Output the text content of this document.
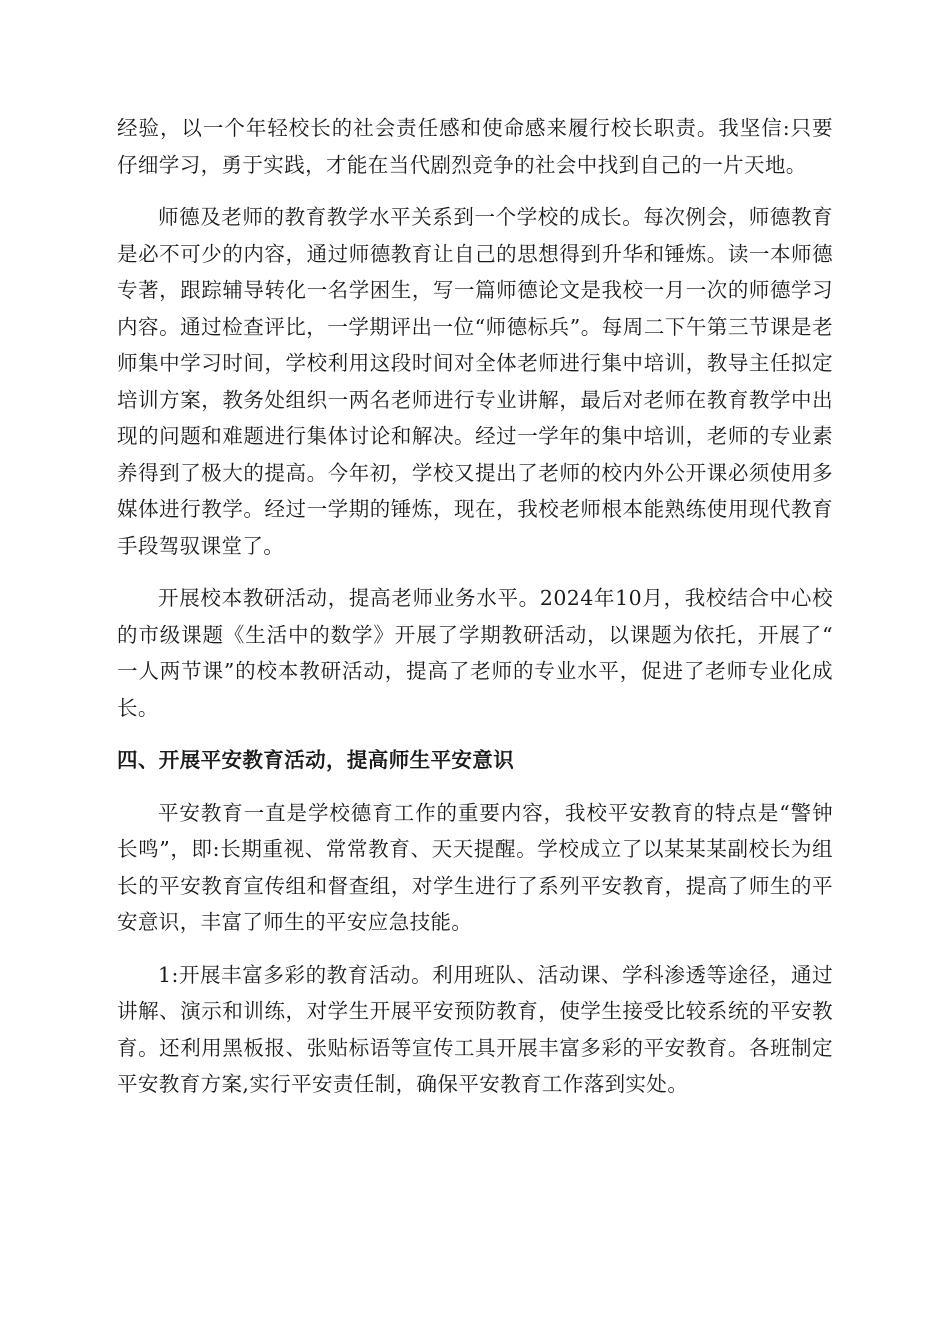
经验，以一个年轻校长的社会责任感和使命感来履行校长职责。我坚信:只要仔细学习，勇于实践，才能在当代剧烈竞争的社会中找到自己的一片天地。

师德及老师的教育教学水平关系到一个学校的成长。每次例会，师德教育是必不可少的内容，通过师德教育让自己的思想得到升华和锤炼。读一本师德专著，跟踪辅导转化一名学困生，写一篇师德论文是我校一月一次的师德学习内容。通过检查评比，一学期评出一位“师德标兵”。每周二下午第三节课是老师集中学习时间，学校利用这段时间对全体老师进行集中培训，教导主任拟定培训方案，教务处组织一两名老师进行专业讲解，最后对老师在教育教学中出现的问题和难题进行集体讨论和解决。经过一学年的集中培训，老师的专业素养得到了极大的提高。今年初，学校又提出了老师的校内外公开课必须使用多媒体进行教学。经过一学期的锤炼，现在，我校老师根本能熟练使用现代教育手段驾驭课堂了。

开展校本教研活动，提高老师业务水平。2024年10月，我校结合中心校的市级课题《生活中的数学》开展了学期教研活动，以课题为依托，开展了“一人两节课”的校本教研活动，提高了老师的专业水平，促进了老师专业化成长。

四、开展平安教育活动，提高师生平安意识

平安教育一直是学校德育工作的重要内容，我校平安教育的特点是“警钟长鸣”，即:长期重视、常常教育、天天提醒。学校成立了以某某某副校长为组长的平安教育宣传组和督查组，对学生进行了系列平安教育，提高了师生的平安意识，丰富了师生的平安应急技能。

1:开展丰富多彩的教育活动。利用班队、活动课、学科渗透等途径，通过讲解、演示和训练，对学生开展平安预防教育，使学生接受比较系统的平安教育。还利用黑板报、张贴标语等宣传工具开展丰富多彩的平安教育。各班制定平安教育方案,实行平安责任制，确保平安教育工作落到实处。
